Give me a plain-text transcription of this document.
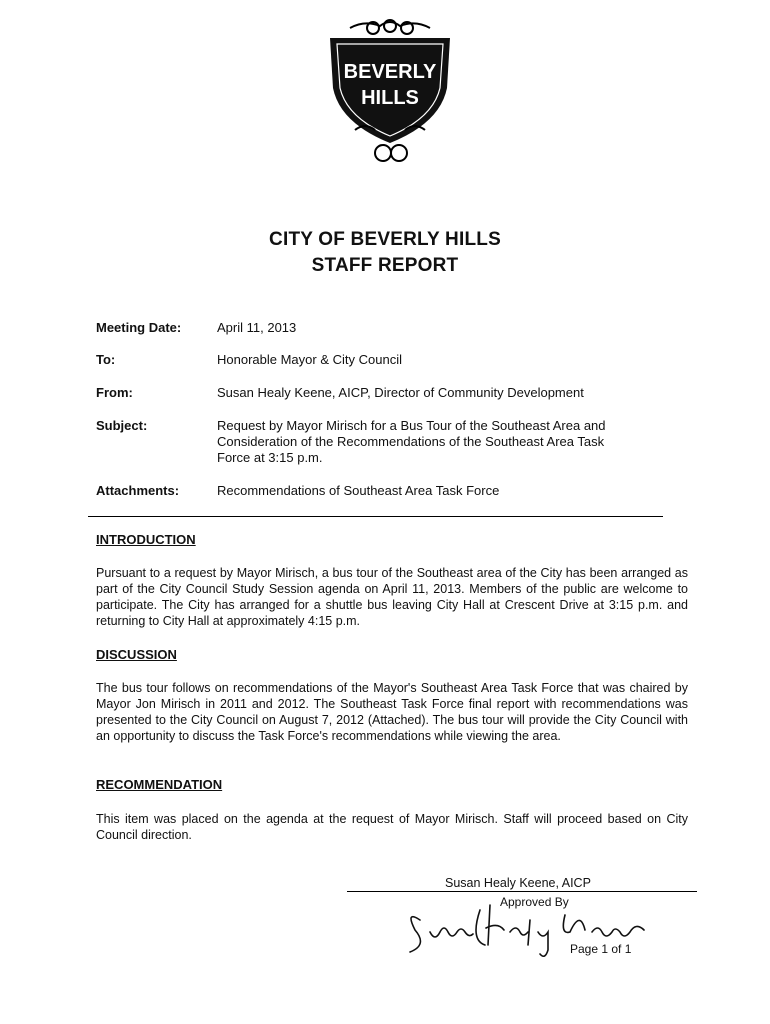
BEVERLY
HILLS
CITY OF BEVERLY HILLS
STAFF REPORT
Meeting Date:	April 11, 2013
To:	Honorable Mayor & City Council
From:	Susan Healy Keene, AICP, Director of Community Development
Subject:	Request by Mayor Mirisch for a Bus Tour of the Southeast Area and
Consideration of the Recommendations of the Southeast Area Task
Force at 3:15 p.m.
Attachments:	Recommendations of Southeast Area Task Force
INTRODUCTION
Pursuant to a request by Mayor Mirisch, a bus tour of the Southeast area of the City has been arranged as part of the City Council Study Session agenda on April 11, 2013. Members of the public are welcome to participate. The City has arranged for a shuttle bus leaving City Hall at Crescent Drive at 3:15 p.m. and returning to City Hall at approximately 4:15 p.m.
DISCUSSION
The bus tour follows on recommendations of the Mayor's Southeast Area Task Force that was chaired by Mayor Jon Mirisch in 2011 and 2012. The Southeast Task Force final report with recommendations was presented to the City Council on August 7, 2012 (Attached). The bus tour will provide the City Council with an opportunity to discuss the Task Force's recommendations while viewing the area.
RECOMMENDATION
This item was placed on the agenda at the request of Mayor Mirisch. Staff will proceed based on City Council direction.
Susan Healy Keene, AICP
Approved By
Page 1 of 1
